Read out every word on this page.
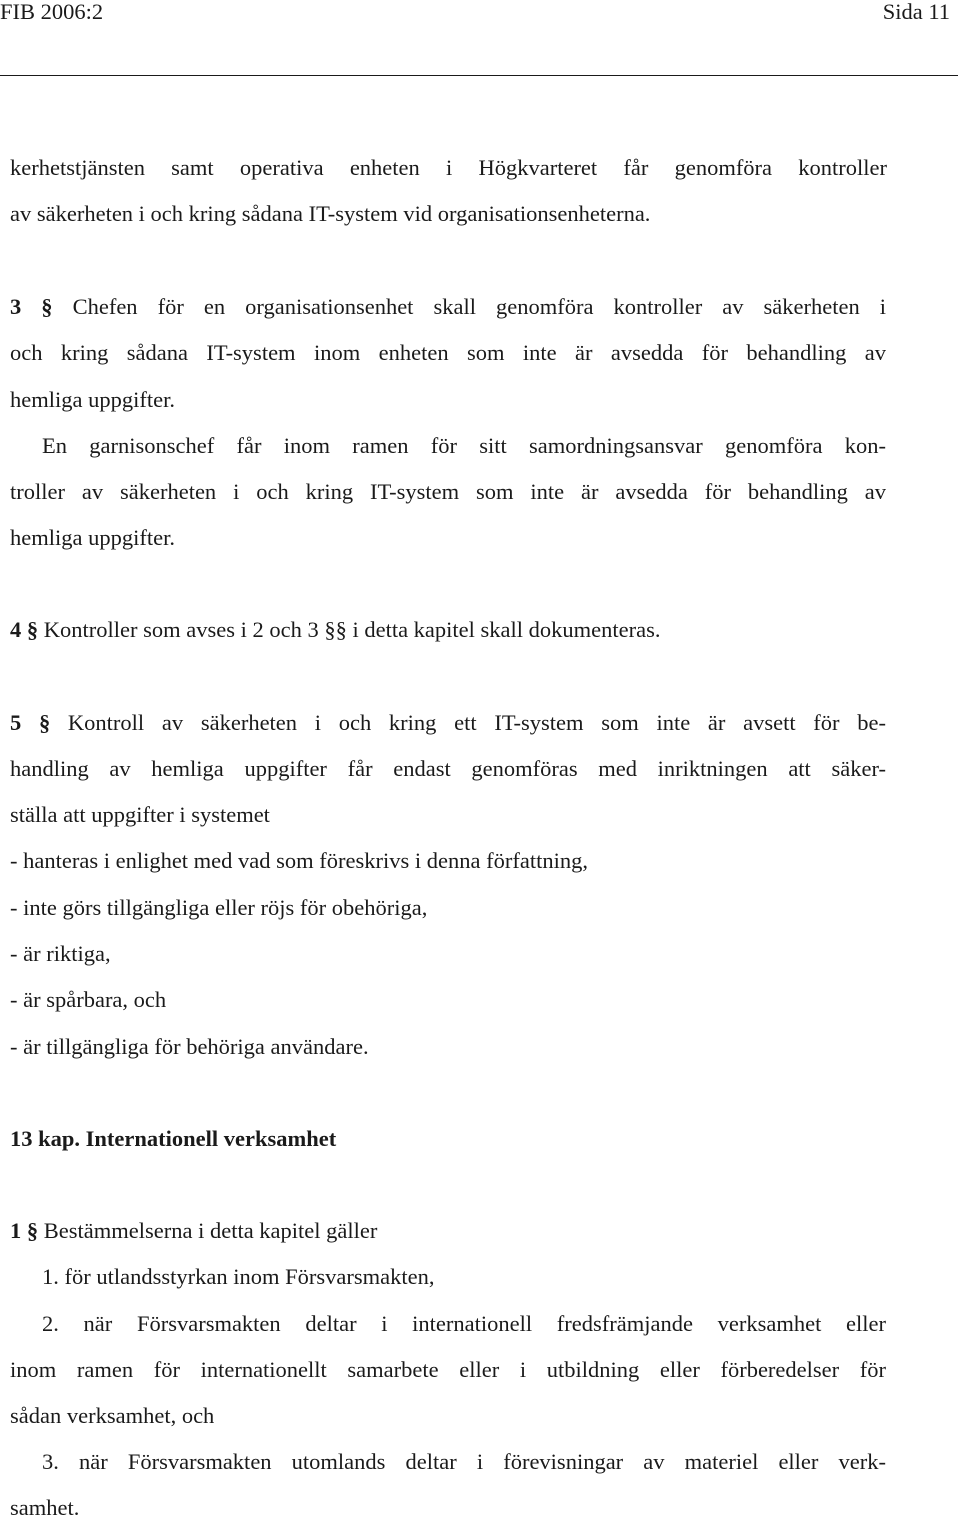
FIB 2006:2	Sida 11
kerhetstjänsten samt operativa enheten i Högkvarteret får genomföra kontroller
av säkerheten i och kring sådana IT-system vid organisationsenheterna.
3 § Chefen för en organisationsenhet skall genomföra kontroller av säkerheten i
och kring sådana IT-system inom enheten som inte är avsedda för behandling av
hemliga uppgifter.
En garnisonschef får inom ramen för sitt samordningsansvar genomföra kon-
troller av säkerheten i och kring IT-system som inte är avsedda för behandling av
hemliga uppgifter.
4 § Kontroller som avses i 2 och 3 §§ i detta kapitel skall dokumenteras.
5 § Kontroll av säkerheten i och kring ett IT-system som inte är avsett för be-
handling av hemliga uppgifter får endast genomföras med inriktningen att säker-
ställa att uppgifter i systemet
- hanteras i enlighet med vad som föreskrivs i denna författning,
- inte görs tillgängliga eller röjs för obehöriga,
- är riktiga,
- är spårbara, och
- är tillgängliga för behöriga användare.
13 kap. Internationell verksamhet
1 § Bestämmelserna i detta kapitel gäller
1. för utlandsstyrkan inom Försvarsmakten,
2. när Försvarsmakten deltar i internationell fredsfrämjande verksamhet eller
inom ramen för internationellt samarbete eller i utbildning eller förberedelser för
sådan verksamhet, och
3. när Försvarsmakten utomlands deltar i förevisningar av materiel eller verk-
samhet.
